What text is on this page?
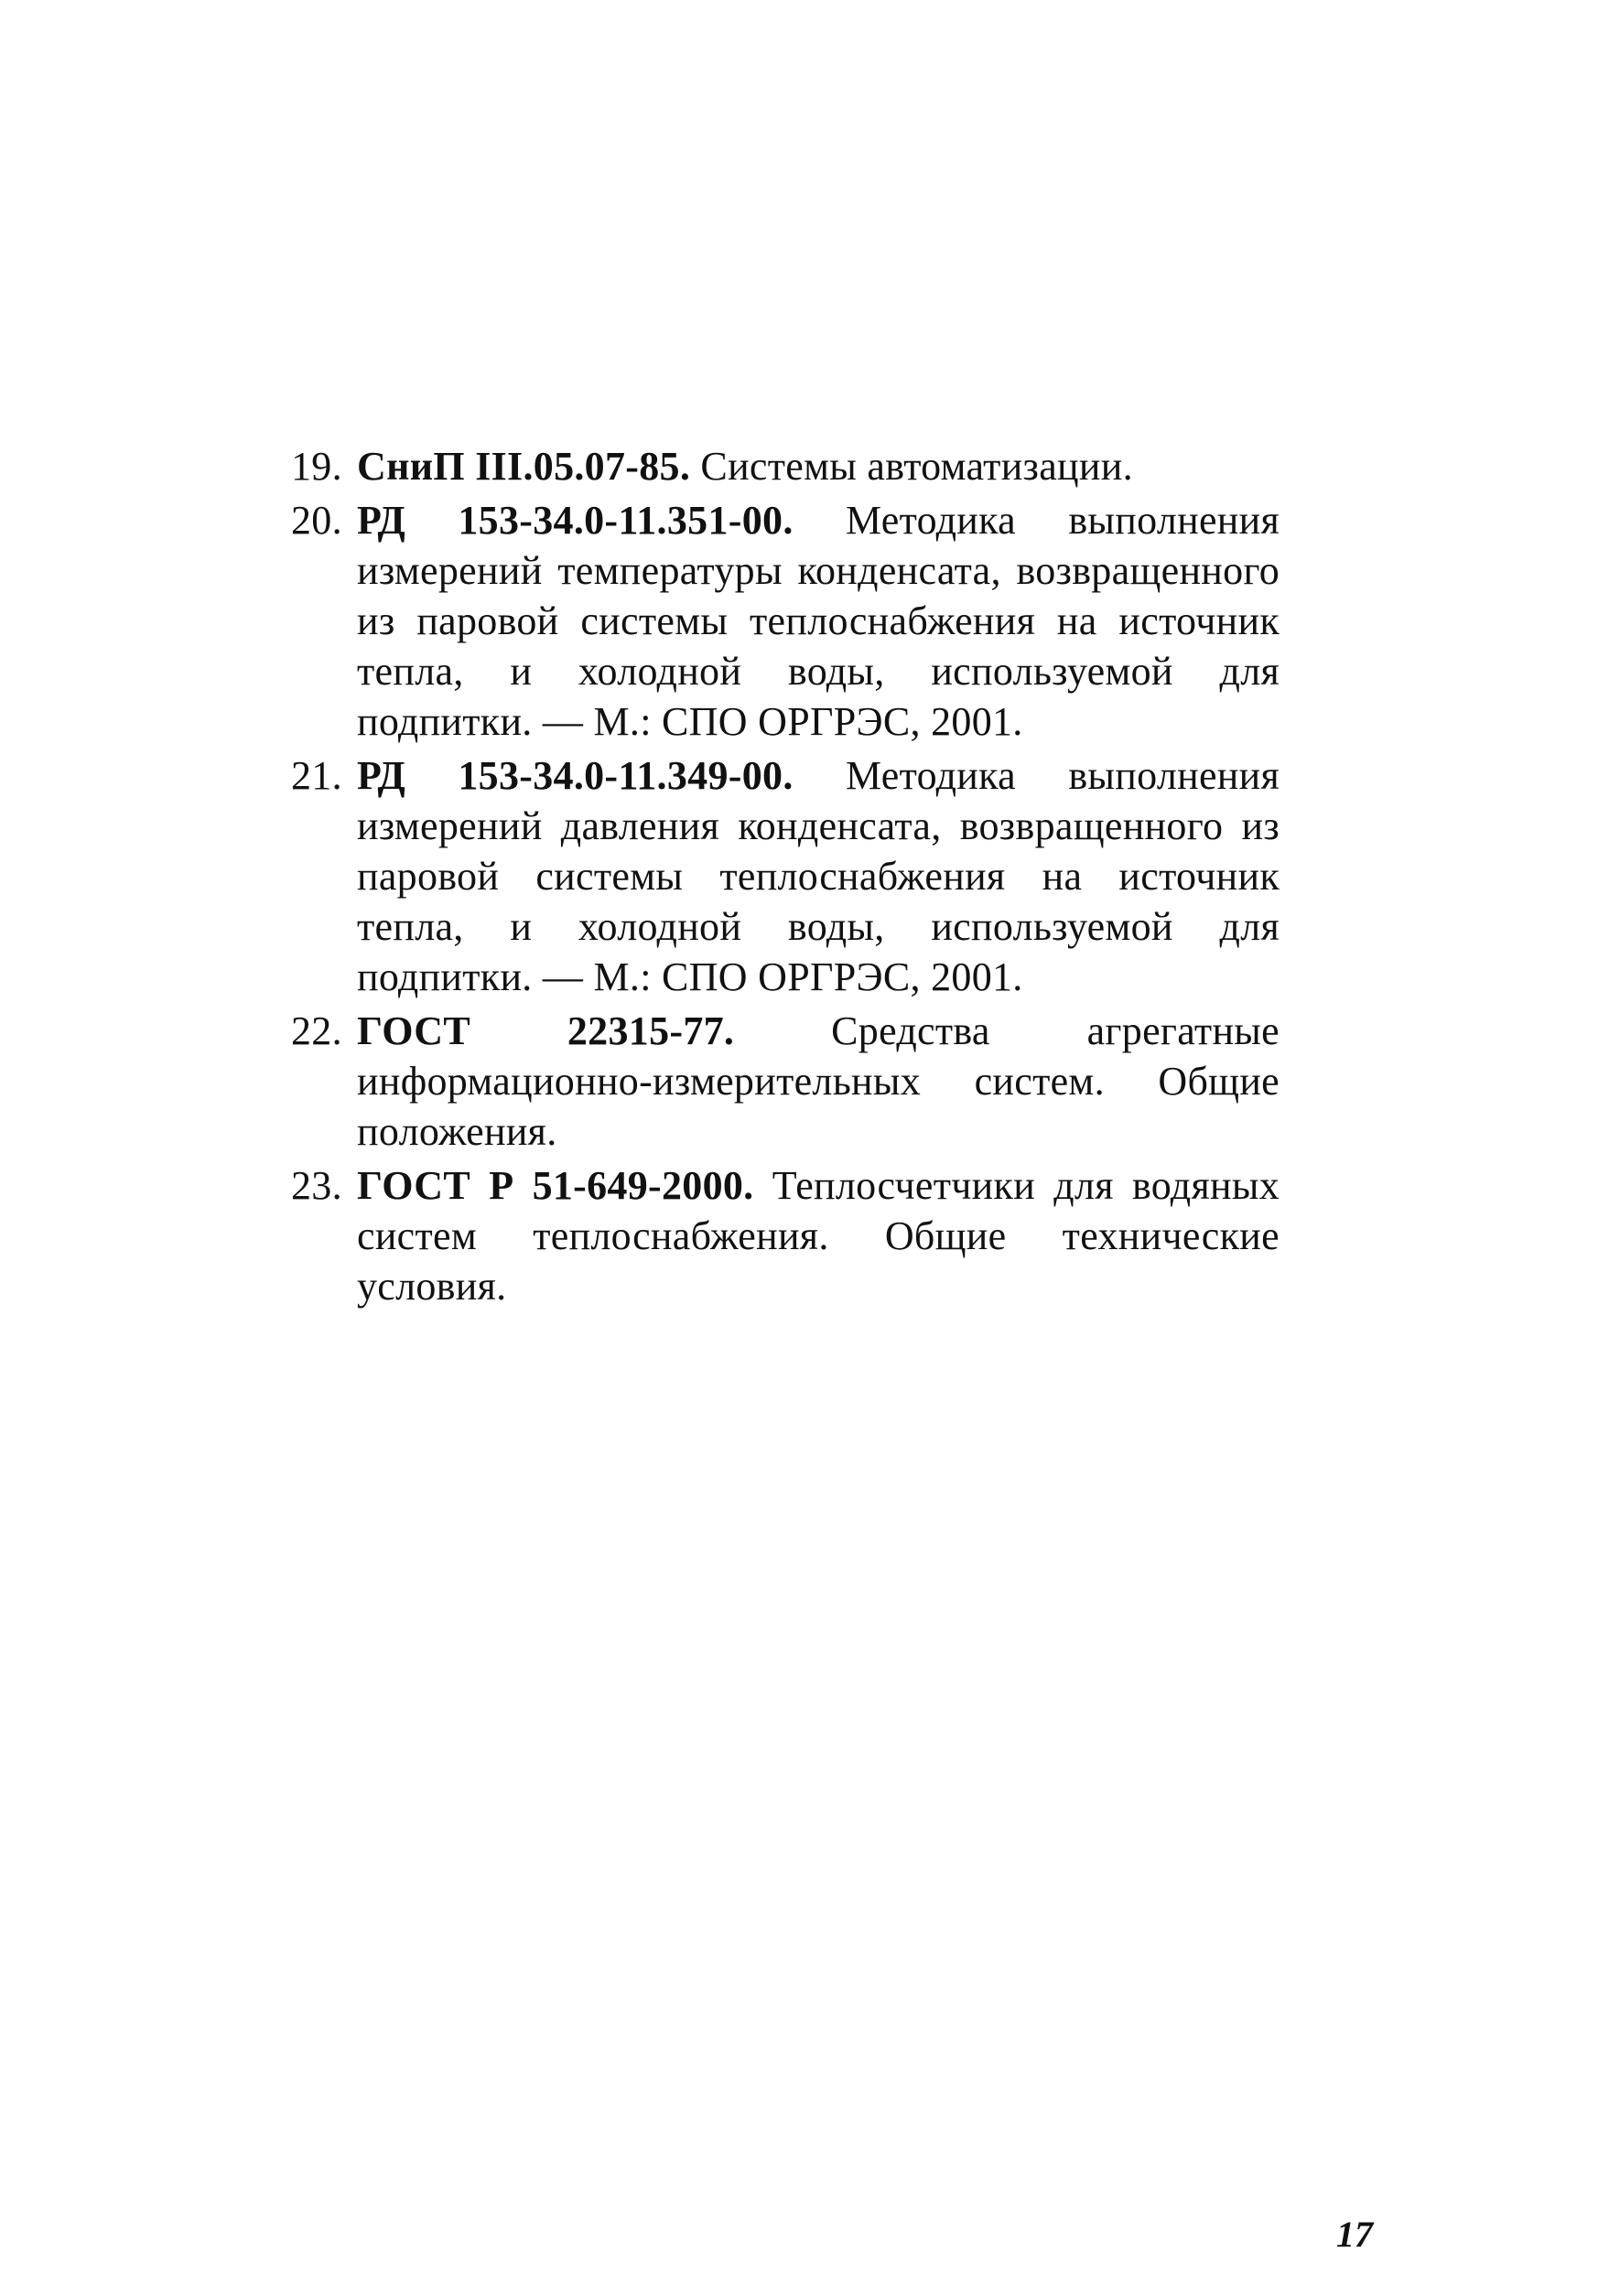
19. СниП III.05.07-85. Системы автоматизации.
20. РД 153-34.0-11.351-00. Методика выполнения измерений температуры конденсата, возвращенного из паровой системы теплоснабжения на источник тепла, и холодной воды, используемой для подпитки. — М.: СПО ОРГРЭС, 2001.
21. РД 153-34.0-11.349-00. Методика выполнения измерений давления конденсата, возвращенного из паровой системы теплоснабжения на источник тепла, и холодной воды, используемой для подпитки. — М.: СПО ОРГРЭС, 2001.
22. ГОСТ 22315-77. Средства агрегатные информационно-измерительных систем. Общие положения.
23. ГОСТ Р 51-649-2000. Теплосчетчики для водяных систем теплоснабжения. Общие технические условия.
17
